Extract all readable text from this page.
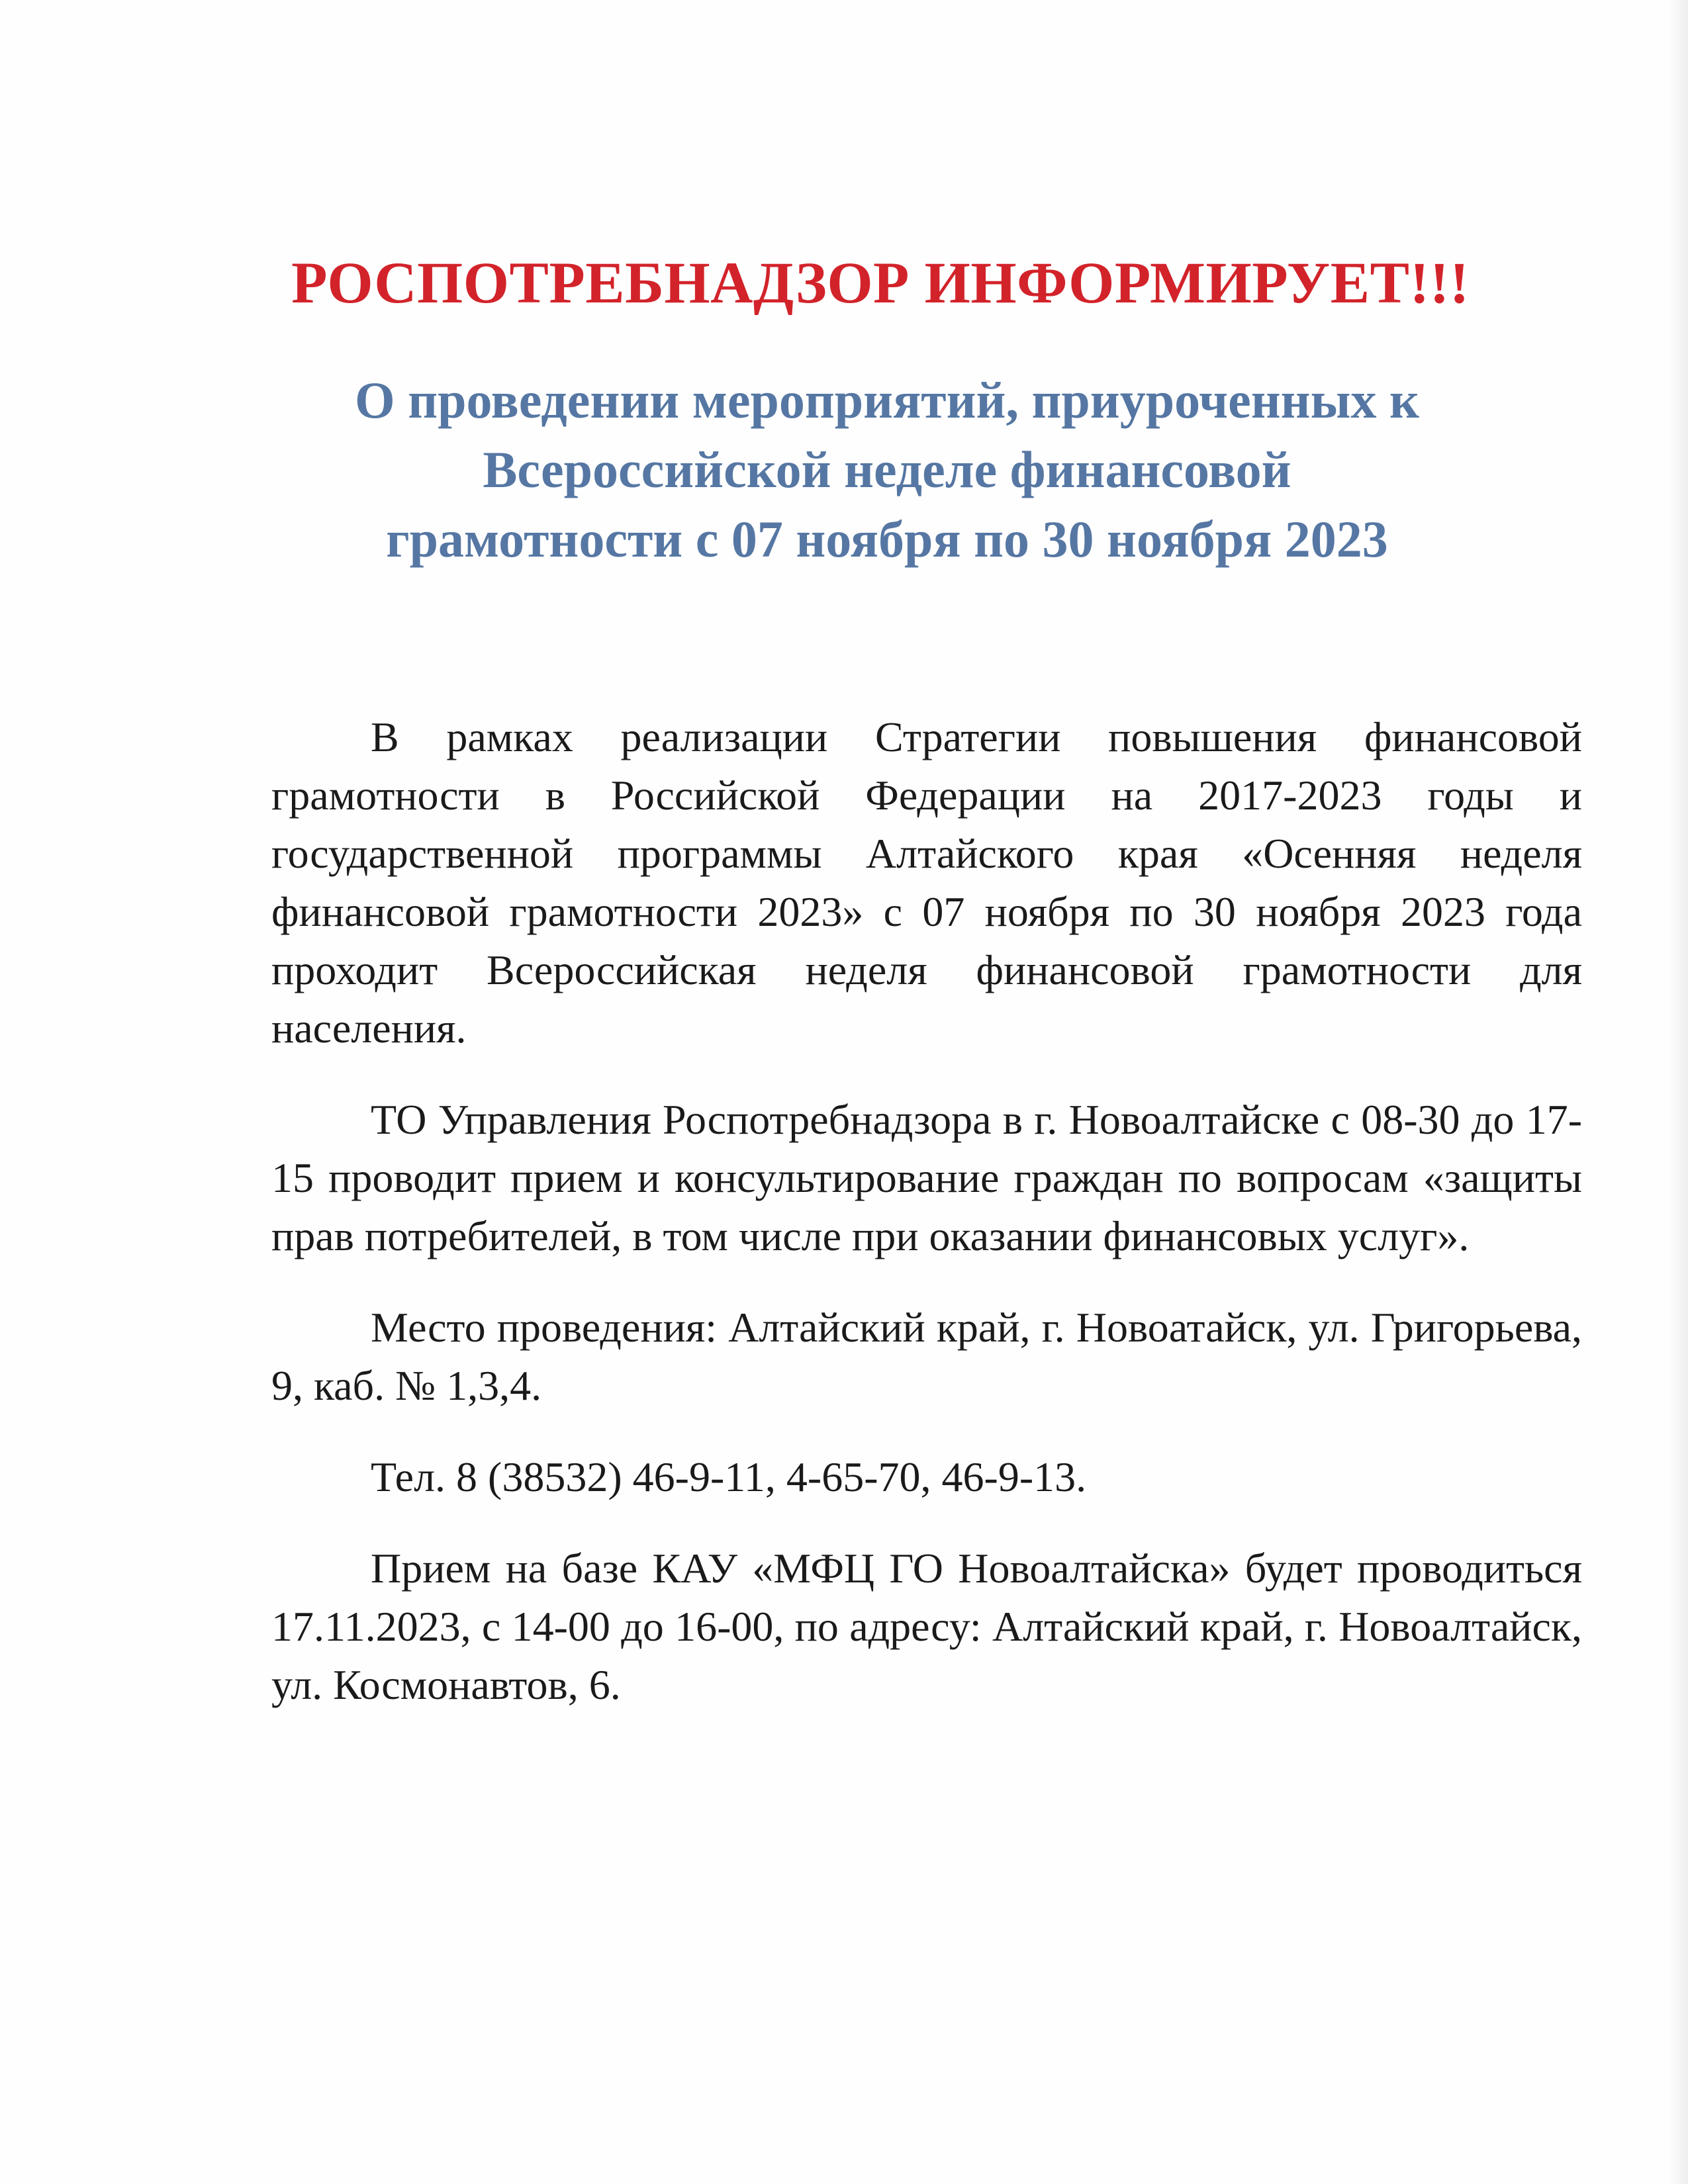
РОСПОТРЕБНАДЗОР ИНФОРМИРУЕТ!!!
О проведении мероприятий, приуроченных к
Всероссийской неделе финансовой
грамотности с 07 ноября по 30 ноября 2023

В рамках реализации Стратегии повышения финансовой грамотности в Российской Федерации на 2017-2023 годы и государственной программы Алтайского края «Осенняя неделя финансовой грамотности 2023» с 07 ноября по 30 ноября 2023 года проходит Всероссийская неделя финансовой грамотности для населения.

ТО Управления Роспотребнадзора в г. Новоалтайске с 08-30 до 17-15 проводит прием и консультирование граждан по вопросам «защиты прав потребителей, в том числе при оказании финансовых услуг».

Место проведения: Алтайский край, г. Новоатайск, ул. Григорьева, 9, каб. № 1,3,4.

Тел. 8 (38532) 46-9-11, 4-65-70, 46-9-13.

Прием на базе КАУ «МФЦ ГО Новоалтайска» будет проводиться 17.11.2023, с 14-00 до 16-00, по адресу: Алтайский край, г. Новоалтайск, ул. Космонавтов, 6.
